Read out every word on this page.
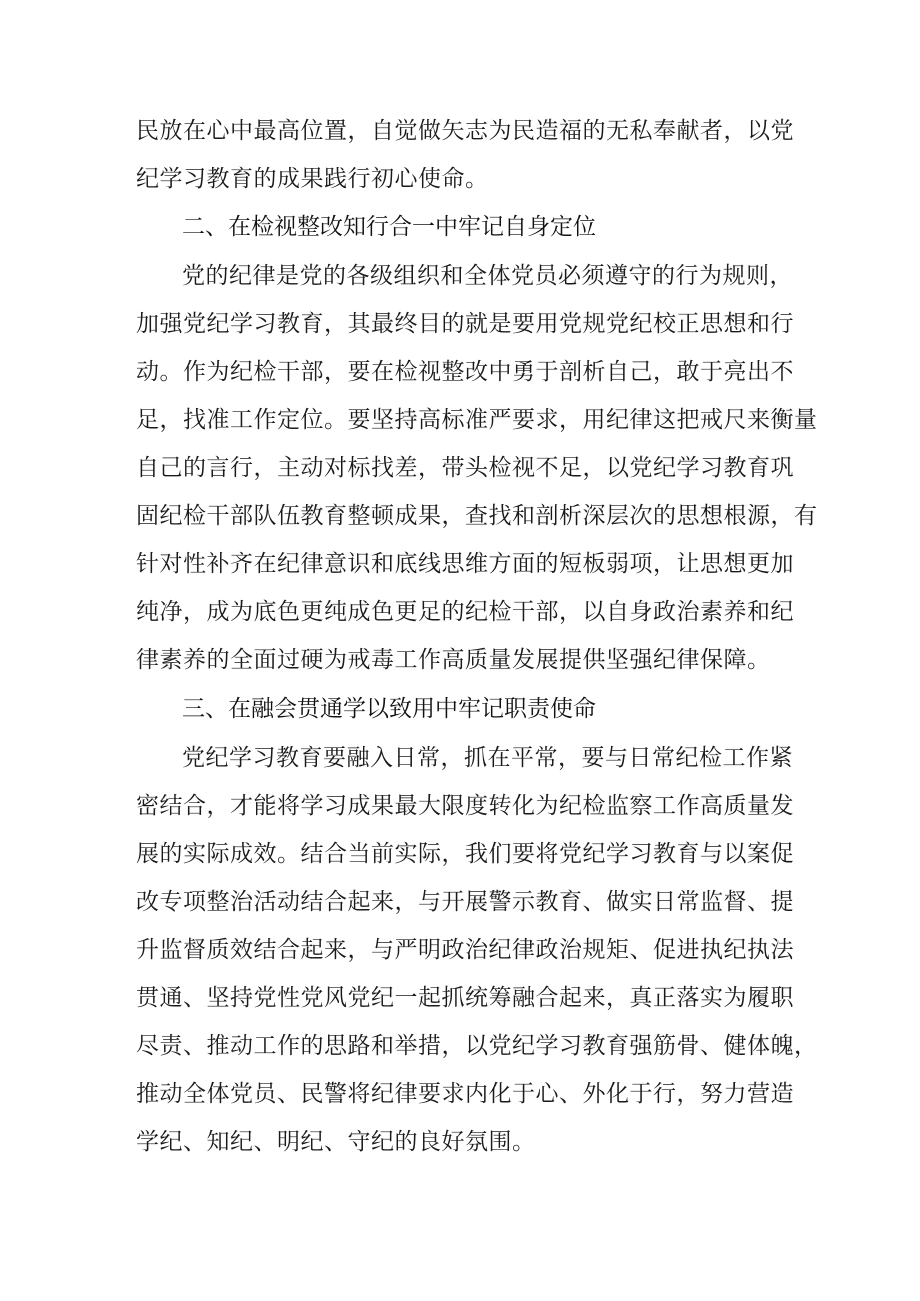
民放在心中最高位置，自觉做矢志为民造福的无私奉献者，以党
纪学习教育的成果践行初心使命。
二、在检视整改知行合一中牢记自身定位
党的纪律是党的各级组织和全体党员必须遵守的行为规则，
加强党纪学习教育，其最终目的就是要用党规党纪校正思想和行
动。作为纪检干部，要在检视整改中勇于剖析自己，敢于亮出不
足，找准工作定位。要坚持高标准严要求，用纪律这把戒尺来衡量
自己的言行，主动对标找差，带头检视不足，以党纪学习教育巩
固纪检干部队伍教育整顿成果，查找和剖析深层次的思想根源，有
针对性补齐在纪律意识和底线思维方面的短板弱项，让思想更加
纯净，成为底色更纯成色更足的纪检干部，以自身政治素养和纪
律素养的全面过硬为戒毒工作高质量发展提供坚强纪律保障。
三、在融会贯通学以致用中牢记职责使命
党纪学习教育要融入日常，抓在平常，要与日常纪检工作紧
密结合，才能将学习成果最大限度转化为纪检监察工作高质量发
展的实际成效。结合当前实际，我们要将党纪学习教育与以案促
改专项整治活动结合起来，与开展警示教育、做实日常监督、提
升监督质效结合起来，与严明政治纪律政治规矩、促进执纪执法
贯通、坚持党性党风党纪一起抓统筹融合起来，真正落实为履职
尽责、推动工作的思路和举措，以党纪学习教育强筋骨、健体魄，
推动全体党员、民警将纪律要求内化于心、外化于行，努力营造
学纪、知纪、明纪、守纪的良好氛围。
